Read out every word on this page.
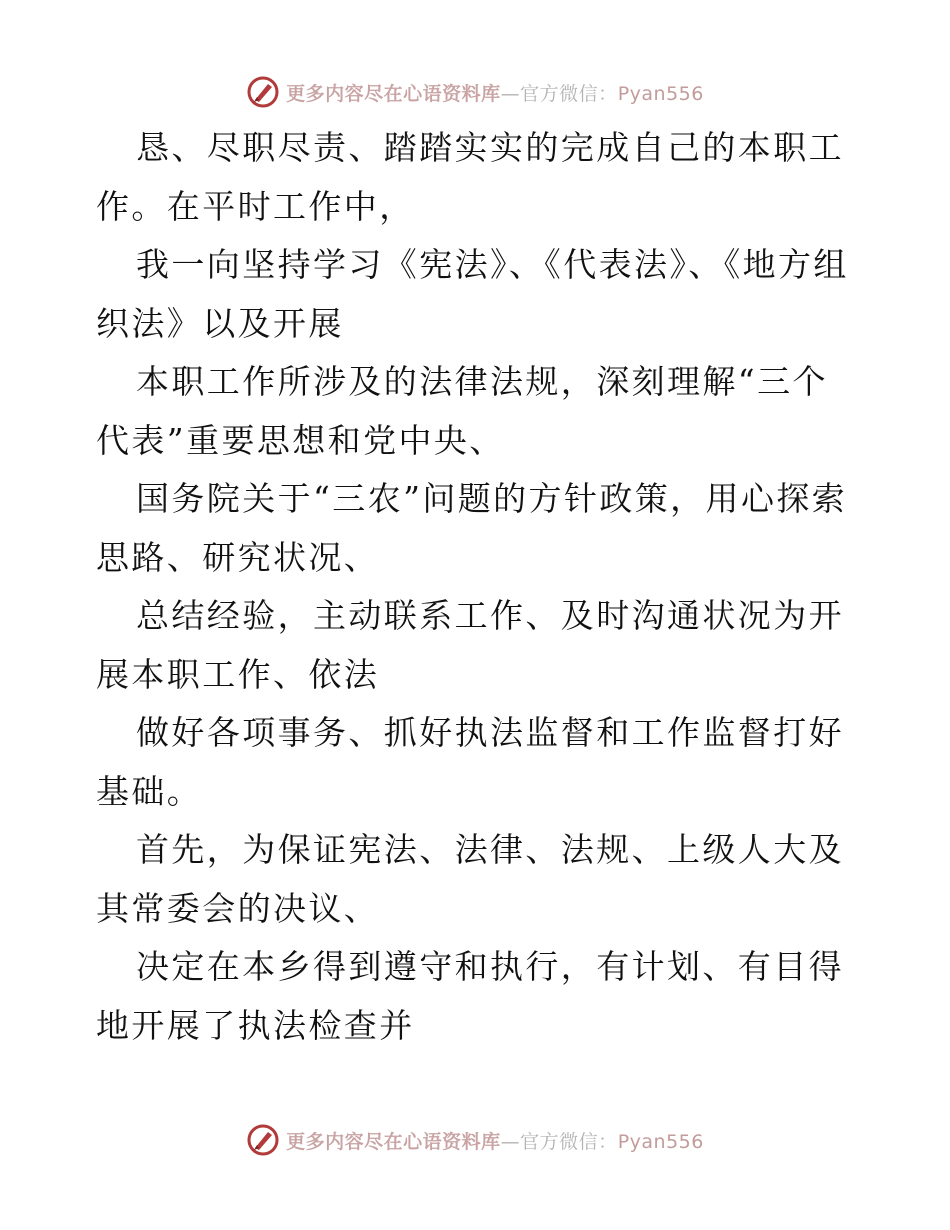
更多内容尽在心语资料库—官方微信：Pyan556

恳、尽职尽责、踏踏实实的完成自己的本职工作。在平时工作中，

我一向坚持学习《宪法》、《代表法》、《地方组织法》以及开展

本职工作所涉及的法律法规，深刻理解“三个代表”重要思想和党中央、

国务院关于“三农”问题的方针政策，用心探索思路、研究状况、

总结经验，主动联系工作、及时沟通状况为开展本职工作、依法

做好各项事务、抓好执法监督和工作监督打好基础。

首先，为保证宪法、法律、法规、上级人大及其常委会的决议、

决定在本乡得到遵守和执行，有计划、有目得地开展了执法检查并

更多内容尽在心语资料库—官方微信：Pyan556
